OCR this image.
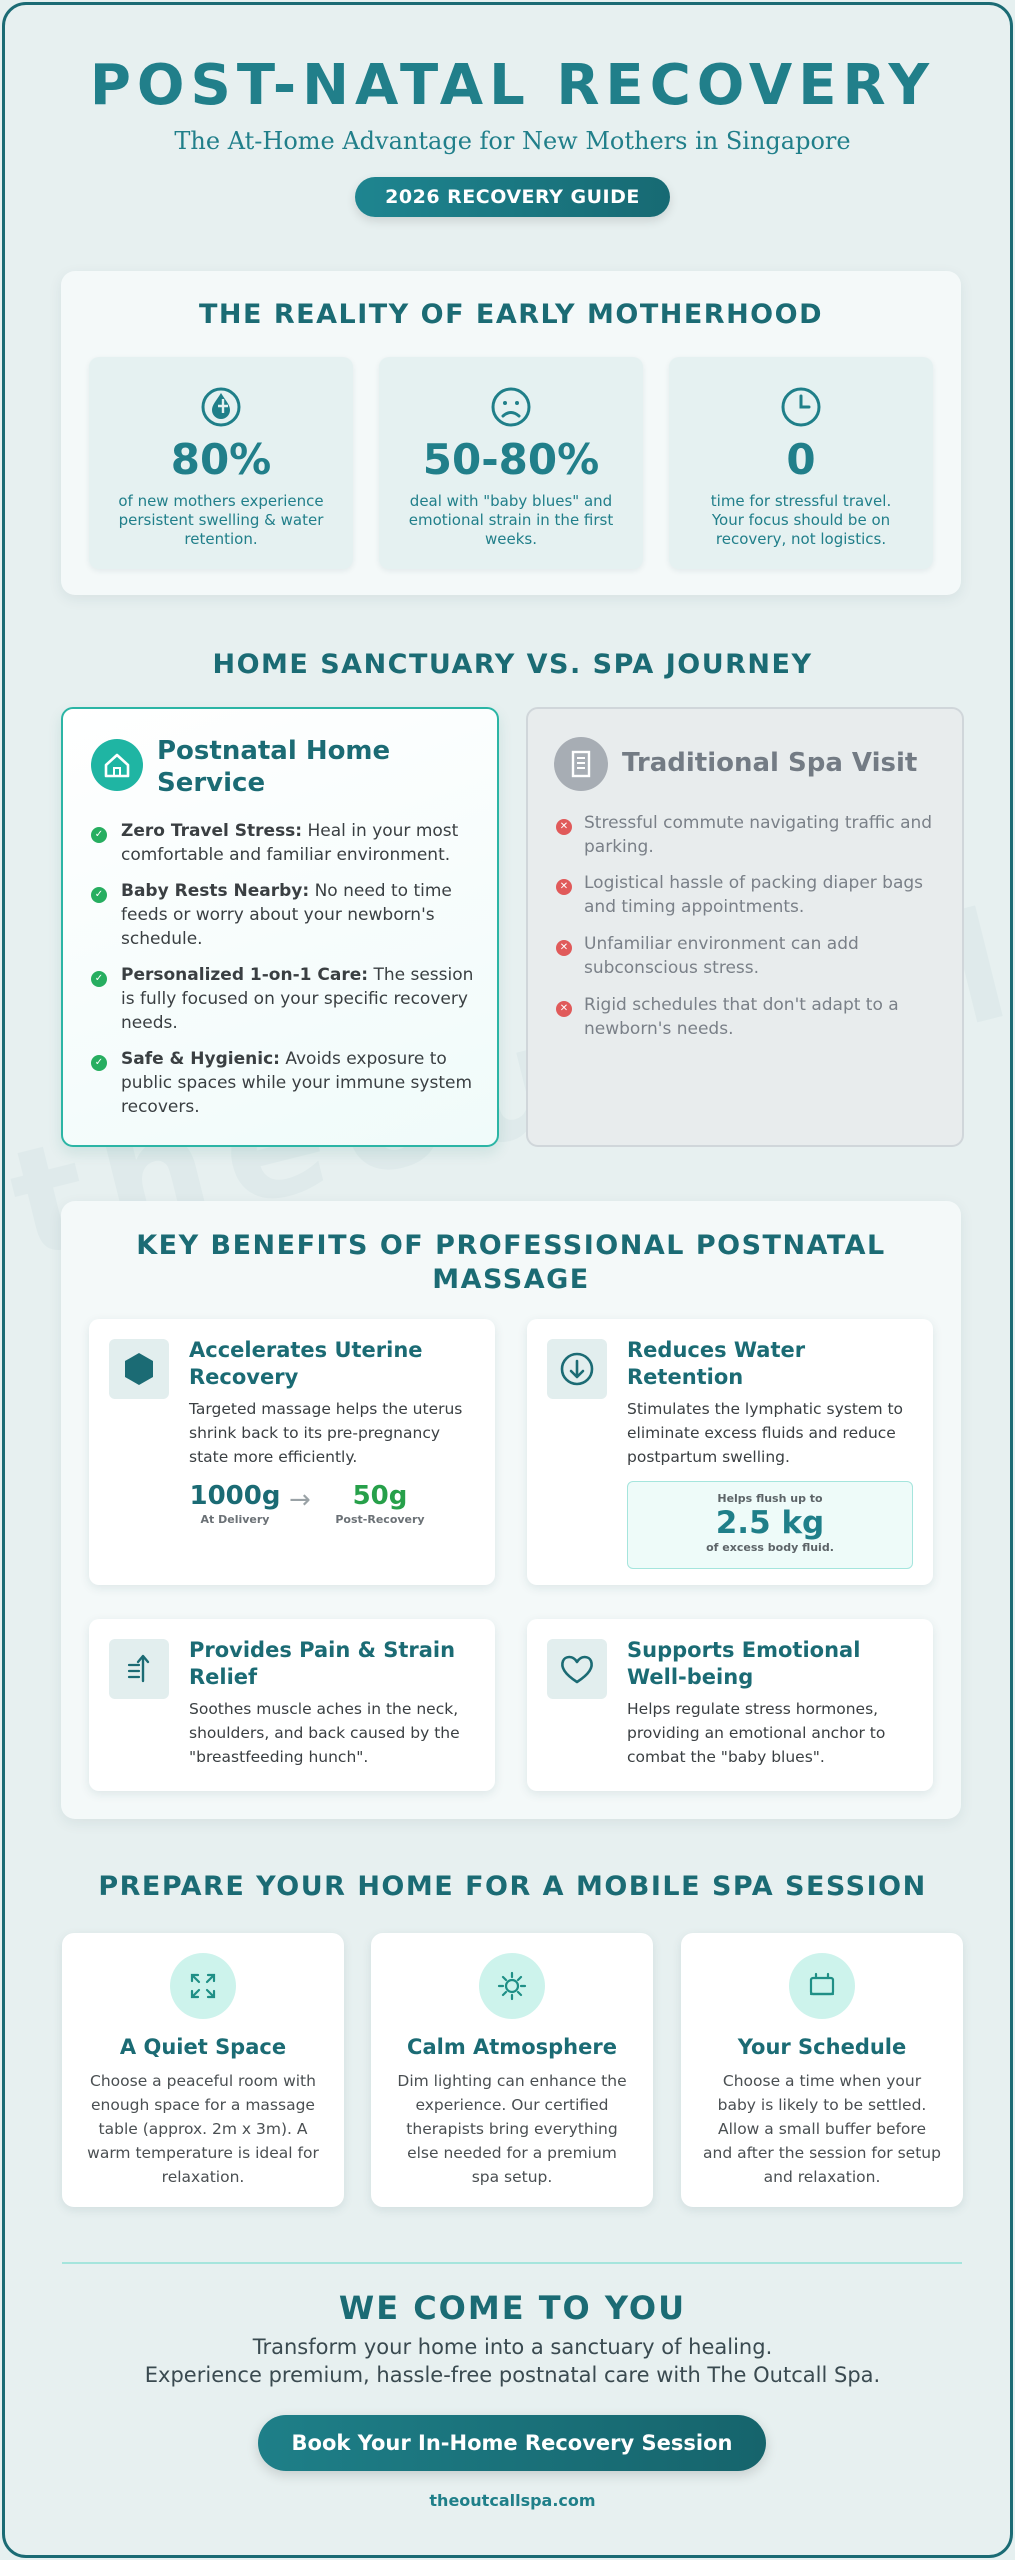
POST-NATAL RECOVERY
The At-Home Advantage for New Mothers in Singapore
2026 RECOVERY GUIDE
THE REALITY OF EARLY MOTHERHOOD
80%
of new mothers experience persistent swelling & water retention.
50-80%
deal with "baby blues" and emotional strain in the first weeks.
0
time for stressful travel. Your focus should be on recovery, not logistics.
HOME SANCTUARY VS. SPA JOURNEY
Postnatal Home Service
✓ Zero Travel Stress: Heal in your most comfortable and familiar environment.
✓ Baby Rests Nearby: No need to time feeds or worry about your newborn's schedule.
✓ Personalized 1-on-1 Care: The session is fully focused on your specific recovery needs.
✓ Safe & Hygienic: Avoids exposure to public spaces while your immune system recovers.
Traditional Spa Visit
✕ Stressful commute navigating traffic and parking.
✕ Logistical hassle of packing diaper bags and timing appointments.
✕ Unfamiliar environment can add subconscious stress.
✕ Rigid schedules that don't adapt to a newborn's needs.
KEY BENEFITS OF PROFESSIONAL POSTNATAL MASSAGE
Accelerates Uterine Recovery
Targeted massage helps the uterus shrink back to its pre-pregnancy state more efficiently.
1000g
At Delivery
→	50g
Post-Recovery
Reduces Water Retention
Stimulates the lymphatic system to eliminate excess fluids and reduce postpartum swelling.
Helps flush up to
2.5 kg
of excess body fluid.
Provides Pain & Strain Relief
Soothes muscle aches in the neck, shoulders, and back caused by the "breastfeeding hunch".
Supports Emotional Well-being
Helps regulate stress hormones, providing an emotional anchor to combat the "baby blues".
PREPARE YOUR HOME FOR A MOBILE SPA SESSION
A Quiet Space
Choose a peaceful room with enough space for a massage table (approx. 2m x 3m). A warm temperature is ideal for relaxation.
Calm Atmosphere
Dim lighting can enhance the experience. Our certified therapists bring everything else needed for a premium spa setup.
Your Schedule
Choose a time when your baby is likely to be settled. Allow a small buffer before and after the session for setup and relaxation.
WE COME TO YOU
Transform your home into a sanctuary of healing.
Experience premium, hassle-free postnatal care with The Outcall Spa.
Book Your In-Home Recovery Session
theoutcallspa.com
